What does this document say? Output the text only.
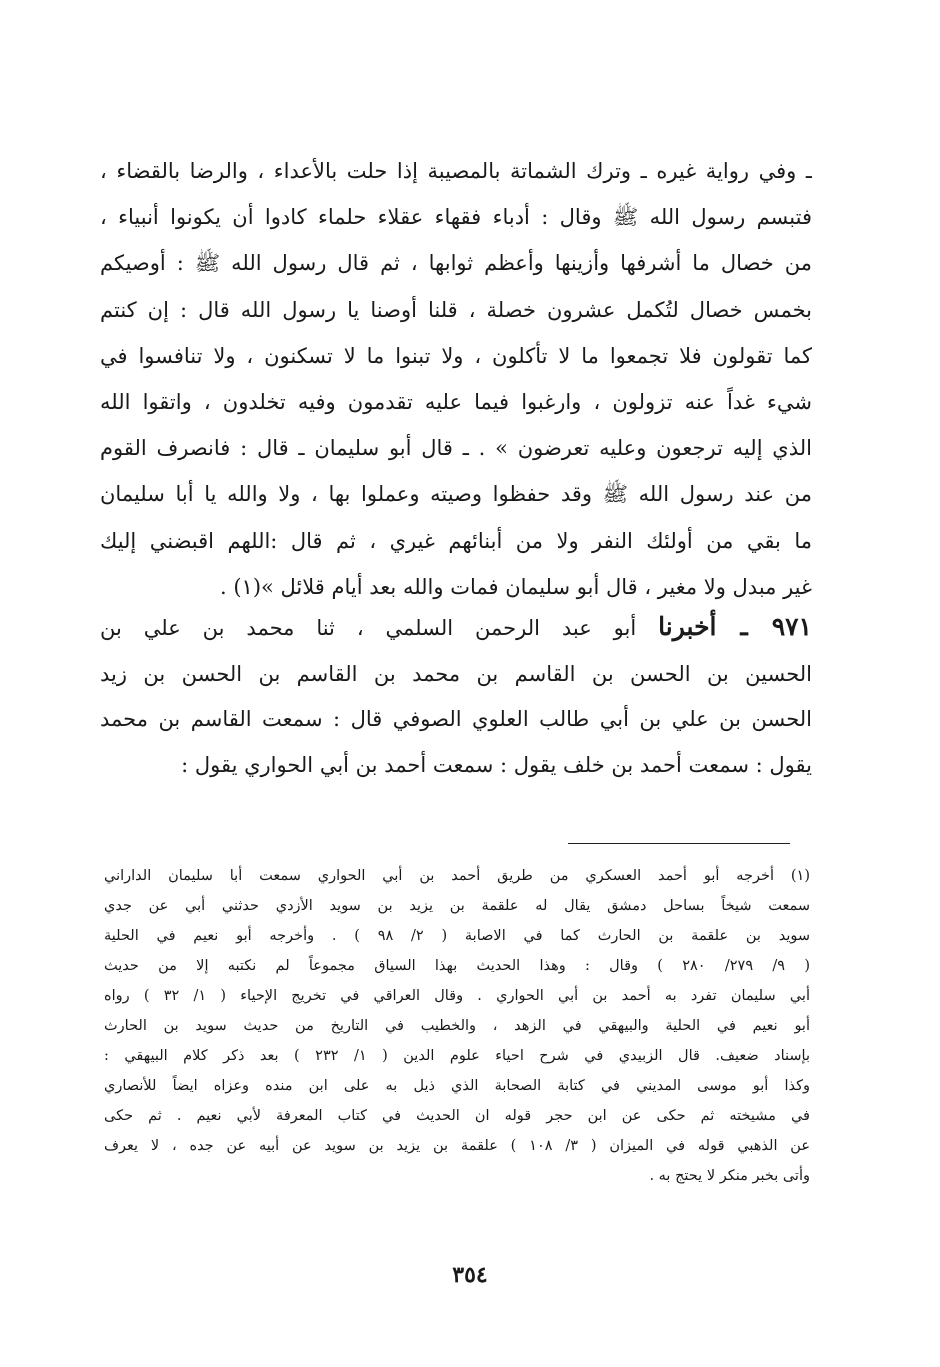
ـ وفي رواية غيره ـ وترك الشماتة بالمصيبة إذا حلت بالأعداء ، والرضا بالقضاء ،
فتبسم رسول الله ﷺ وقال : أدباء فقهاء عقلاء حلماء كادوا أن يكونوا أنبياء ،
من خصال ما أشرفها وأزينها وأعظم ثوابها ، ثم قال رسول الله ﷺ : أوصيكم
بخمس خصال لتُكمل عشرون خصلة ، قلنا أوصنا يا رسول الله قال : إن كنتم
كما تقولون فلا تجمعوا ما لا تأكلون ، ولا تبنوا ما لا تسكنون ، ولا تنافسوا في
شيء غداً عنه تزولون ، وارغبوا فيما عليه تقدمون وفيه تخلدون ، واتقوا الله
الذي إليه ترجعون وعليه تعرضون » . ـ قال أبو سليمان ـ قال : فانصرف القوم
من عند رسول الله ﷺ وقد حفظوا وصيته وعملوا بها ، ولا والله يا أبا سليمان
ما بقي من أولئك النفر ولا من أبنائهم غيري ، ثم قال :اللهم اقبضني إليك
غير مبدل ولا مغير ، قال أبو سليمان فمات والله بعد أيام قلائل »(١) .
٩٧١ ـ أخبرنا أبو عبد الرحمن السلمي ، ثنا محمد بن علي بن
الحسين بن الحسن بن القاسم بن محمد بن القاسم بن الحسن بن زيد
الحسن بن علي بن أبي طالب العلوي الصوفي قال : سمعت القاسم بن محمد
يقول : سمعت أحمد بن خلف يقول : سمعت أحمد بن أبي الحواري يقول :
(١) أخرجه أبو أحمد العسكري من طريق أحمد بن أبي الحواري سمعت أبا سليمان الداراني
سمعت شيخاً بساحل دمشق يقال له علقمة بن يزيد بن سويد الأزدي حدثني أبي عن جدي
سويد بن علقمة بن الحارث كما في الاصابة ( ٢/ ٩٨ ) . وأخرجه أبو نعيم في الحلية
( ٩/ ٢٧٩/ ٢٨٠ ) وقال : وهذا الحديث بهذا السياق مجموعاً لم نكتبه إلا من حديث
أبي سليمان تفرد به أحمد بن أبي الحواري . وقال العراقي في تخريج الإحياء ( ١/ ٣٢ ) رواه
أبو نعيم في الحلية والبيهقي في الزهد ، والخطيب في التاريخ من حديث سويد بن الحارث
بإسناد ضعيف. قال الزبيدي في شرح احياء علوم الدين ( ١/ ٢٣٢ ) بعد ذكر كلام البيهقي :
وكذا أبو موسى المديني في كتابة الصحابة الذي ذيل به على ابن منده وعزاه ايضاً للأنصاري
في مشيخته ثم حكى عن ابن حجر قوله ان الحديث في كتاب المعرفة لأبي نعيم . ثم حكى
عن الذهبي قوله في الميزان ( ٣/ ١٠٨ ) علقمة بن يزيد بن سويد عن أبيه عن جده ، لا يعرف
وأتى بخبر منكر لا يحتج به .
٣٥٤
